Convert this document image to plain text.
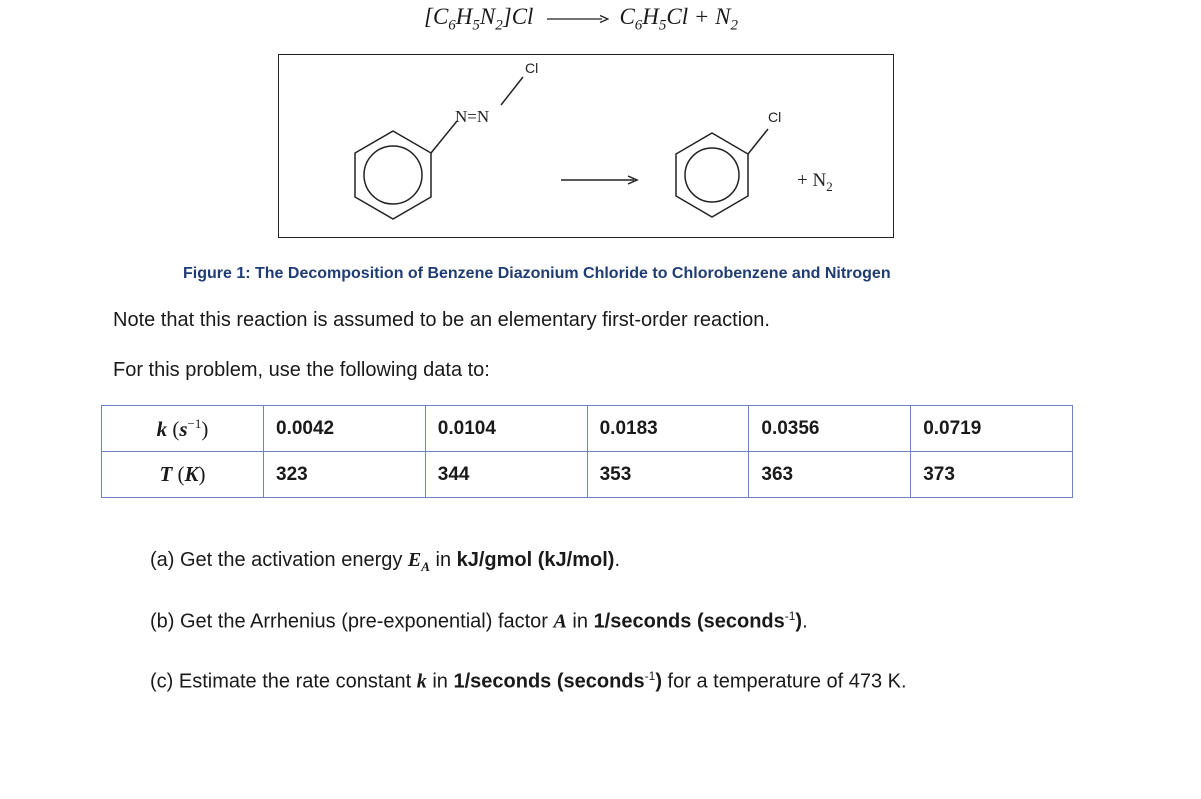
$[C_6H_5N_2]Cl \to C_6H_5Cl + N_2$
N=N
Cl
Cl
+ $N_2$
Figure 1: The Decomposition of Benzene Diazonium Chloride to Chlorobenzene and Nitrogen
Note that this reaction is assumed to be an elementary first-order reaction.
For this problem, use the following data to:
k $(s^{-1})$	0.0042	0.0104	0.0183	0.0356	0.0719
T (K)	323	344	353	363	373
(a) Get the activation energy $E_A$ in kJ/gmol (kJ/mol).
(b) Get the Arrhenius (pre-exponential) factor A in 1/seconds (seconds$^{-1}$).
(c) Estimate the rate constant k in 1/seconds (seconds$^{-1}$) for a temperature of 473 K.
